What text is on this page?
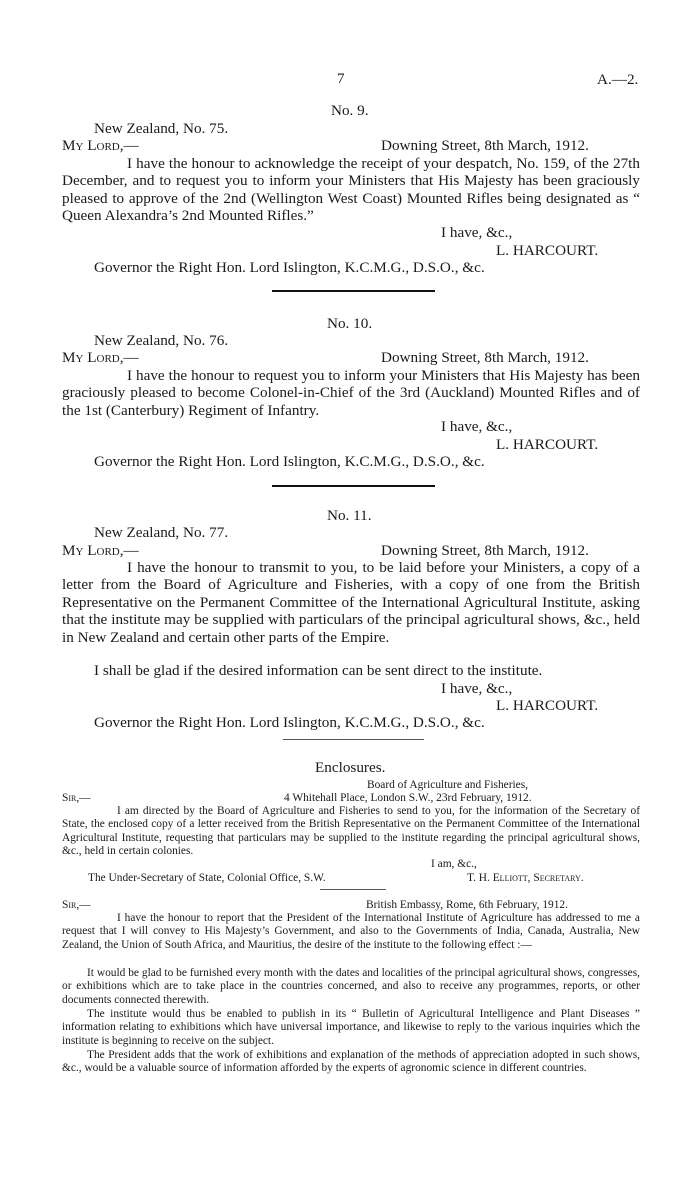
7	A.—2.
No. 9.
New Zealand, No. 75.
My Lord,—	Downing Street, 8th March, 1912.
I have the honour to acknowledge the receipt of your despatch, No. 159, of the 27th December, and to request you to inform your Ministers that His Majesty has been graciously pleased to approve of the 2nd (Wellington West Coast) Mounted Rifles being designated as “ Queen Alexandra’s 2nd Mounted Rifles.”
I have, &c.,
L. HARCOURT.
Governor the Right Hon. Lord Islington, K.C.M.G., D.S.O., &c.
No. 10.
New Zealand, No. 76.
My Lord,—	Downing Street, 8th March, 1912.
I have the honour to request you to inform your Ministers that His Majesty has been graciously pleased to become Colonel-in-Chief of the 3rd (Auckland) Mounted Rifles and of the 1st (Canterbury) Regiment of Infantry.
I have, &c.,
L. HARCOURT.
Governor the Right Hon. Lord Islington, K.C.M.G., D.S.O., &c.
No. 11.
New Zealand, No. 77.
My Lord,—	Downing Street, 8th March, 1912.
I have the honour to transmit to you, to be laid before your Ministers, a copy of a letter from the Board of Agriculture and Fisheries, with a copy of one from the British Representative on the Permanent Committee of the International Agricultural Institute, asking that the institute may be supplied with particulars of the principal agricultural shows, &c., held in New Zealand and certain other parts of the Empire.
I shall be glad if the desired information can be sent direct to the institute.
I have, &c.,
L. HARCOURT.
Governor the Right Hon. Lord Islington, K.C.M.G., D.S.O., &c.
Enclosures.
Board of Agriculture and Fisheries,
Sir,—	4 Whitehall Place, London S.W., 23rd February, 1912.
I am directed by the Board of Agriculture and Fisheries to send to you, for the information of the Secretary of State, the enclosed copy of a letter received from the British Representative on the Permanent Committee of the International Agricultural Institute, requesting that particulars may be supplied to the institute regarding the principal agricultural shows, &c., held in certain colonies.
I am, &c.,
The Under-Secretary of State, Colonial Office, S.W.	T. H. Elliott, Secretary.
Sir,—	British Embassy, Rome, 6th February, 1912.
I have the honour to report that the President of the International Institute of Agriculture has addressed to me a request that I will convey to His Majesty’s Government, and also to the Governments of India, Canada, Australia, New Zealand, the Union of South Africa, and Mauritius, the desire of the institute to the following effect :—
It would be glad to be furnished every month with the dates and localities of the principal agricultural shows, congresses, or exhibitions which are to take place in the countries concerned, and also to receive any programmes, reports, or other documents connected therewith.
The institute would thus be enabled to publish in its “ Bulletin of Agricultural Intelligence and Plant Diseases ” information relating to exhibitions which have universal importance, and likewise to reply to the various inquiries which the institute is beginning to receive on the subject.
The President adds that the work of exhibitions and explanation of the methods of appreciation adopted in such shows, &c., would be a valuable source of information afforded by the experts of agronomic science in different countries.
